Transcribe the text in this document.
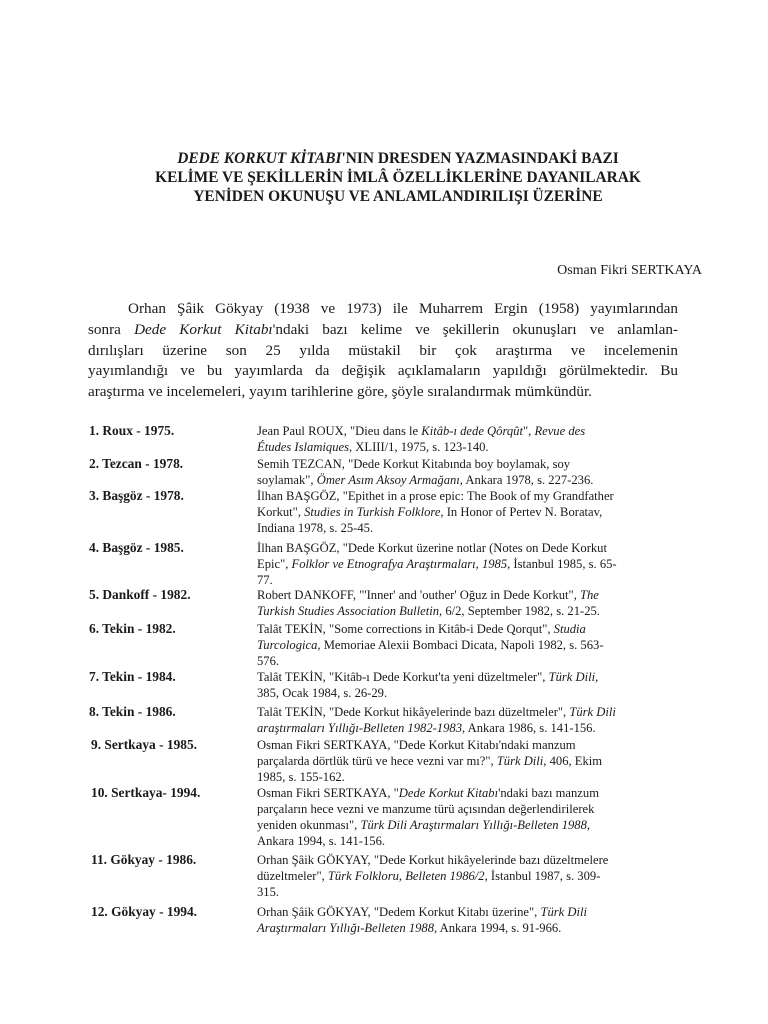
DEDE KORKUT KİTABI'NIN DRESDEN YAZMASINDAKİ BAZI
KELİME VE ŞEKİLLERİN İMLÂ ÖZELLİKLERİNE DAYANILARAK
YENİDEN OKUNUŞU VE ANLAMLANDIRILIŞI ÜZERİNE
Osman Fikri SERTKAYA
Orhan Şâik Gökyay (1938 ve 1973) ile Muharrem Ergin (1958) yayımlarından
sonra Dede Korkut Kitabı'ndaki bazı kelime ve şekillerin okunuşları ve anlamlan-
dırılışları üzerine son 25 yılda müstakil bir çok araştırma ve incelemenin
yayımlandığı ve bu yayımlarda da değişik açıklamaların yapıldığı görülmektedir. Bu
araştırma ve incelemeleri, yayım tarihlerine göre, şöyle sıralandırmak mümkündür.
1. Roux - 1975.	Jean Paul ROUX, "Dieu dans le Kitâb-ı dede Qôrqût", Revue des
Études Islamiques, XLIII/1, 1975, s. 123-140.
2. Tezcan - 1978.	Semih TEZCAN, "Dede Korkut Kitabında boy boylamak, soy
soylamak", Ömer Asım Aksoy Armağanı, Ankara 1978, s. 227-236.
3. Başgöz - 1978.	İlhan BAŞGÖZ, "Epithet in a prose epic: The Book of my Grandfather
Korkut", Studies in Turkish Folklore, In Honor of Pertev N. Boratav,
Indiana 1978, s. 25-45.
4. Başgöz - 1985.	İlhan BAŞGÖZ, "Dede Korkut üzerine notlar (Notes on Dede Korkut
Epic", Folklor ve Etnografya Araştırmaları, 1985, İstanbul 1985, s. 65-
77.
5. Dankoff - 1982.	Robert DANKOFF, "'Inner' and 'outher' Oğuz in Dede Korkut", The
Turkish Studies Association Bulletin, 6/2, September 1982, s. 21-25.
6. Tekin - 1982.	Talât TEKİN, "Some corrections in Kitâb-i Dede Qorqut", Studia
Turcologica, Memoriae Alexii Bombaci Dicata, Napoli 1982, s. 563-
576.
7. Tekin - 1984.	Talât TEKİN, "Kitâb-ı Dede Korkut'ta yeni düzeltmeler", Türk Dili,
385, Ocak 1984, s. 26-29.
8. Tekin - 1986.	Talât TEKİN, "Dede Korkut hikâyelerinde bazı düzeltmeler", Türk Dili
araştırmaları Yıllığı-Belleten 1982-1983, Ankara 1986, s. 141-156.
9. Sertkaya - 1985.	Osman Fikri SERTKAYA, "Dede Korkut Kitabı'ndaki manzum
parçalarda dörtlük türü ve hece vezni var mı?", Türk Dili, 406, Ekim
1985, s. 155-162.
10. Sertkaya- 1994.	Osman Fikri SERTKAYA, "Dede Korkut Kitabı'ndaki bazı manzum
parçaların hece vezni ve manzume türü açısından değerlendirilerek
yeniden okunması", Türk Dili Araştırmaları Yıllığı-Belleten 1988,
Ankara 1994, s. 141-156.
11. Gökyay - 1986.	Orhan Şâik GÖKYAY, "Dede Korkut hikâyelerinde bazı düzeltmelere
düzeltmeler", Türk Folkloru, Belleten 1986/2, İstanbul 1987, s. 309-
315.
12. Gökyay - 1994.	Orhan Şâik GÖKYAY, "Dedem Korkut Kitabı üzerine", Türk Dili
Araştırmaları Yıllığı-Belleten 1988, Ankara 1994, s. 91-966.
